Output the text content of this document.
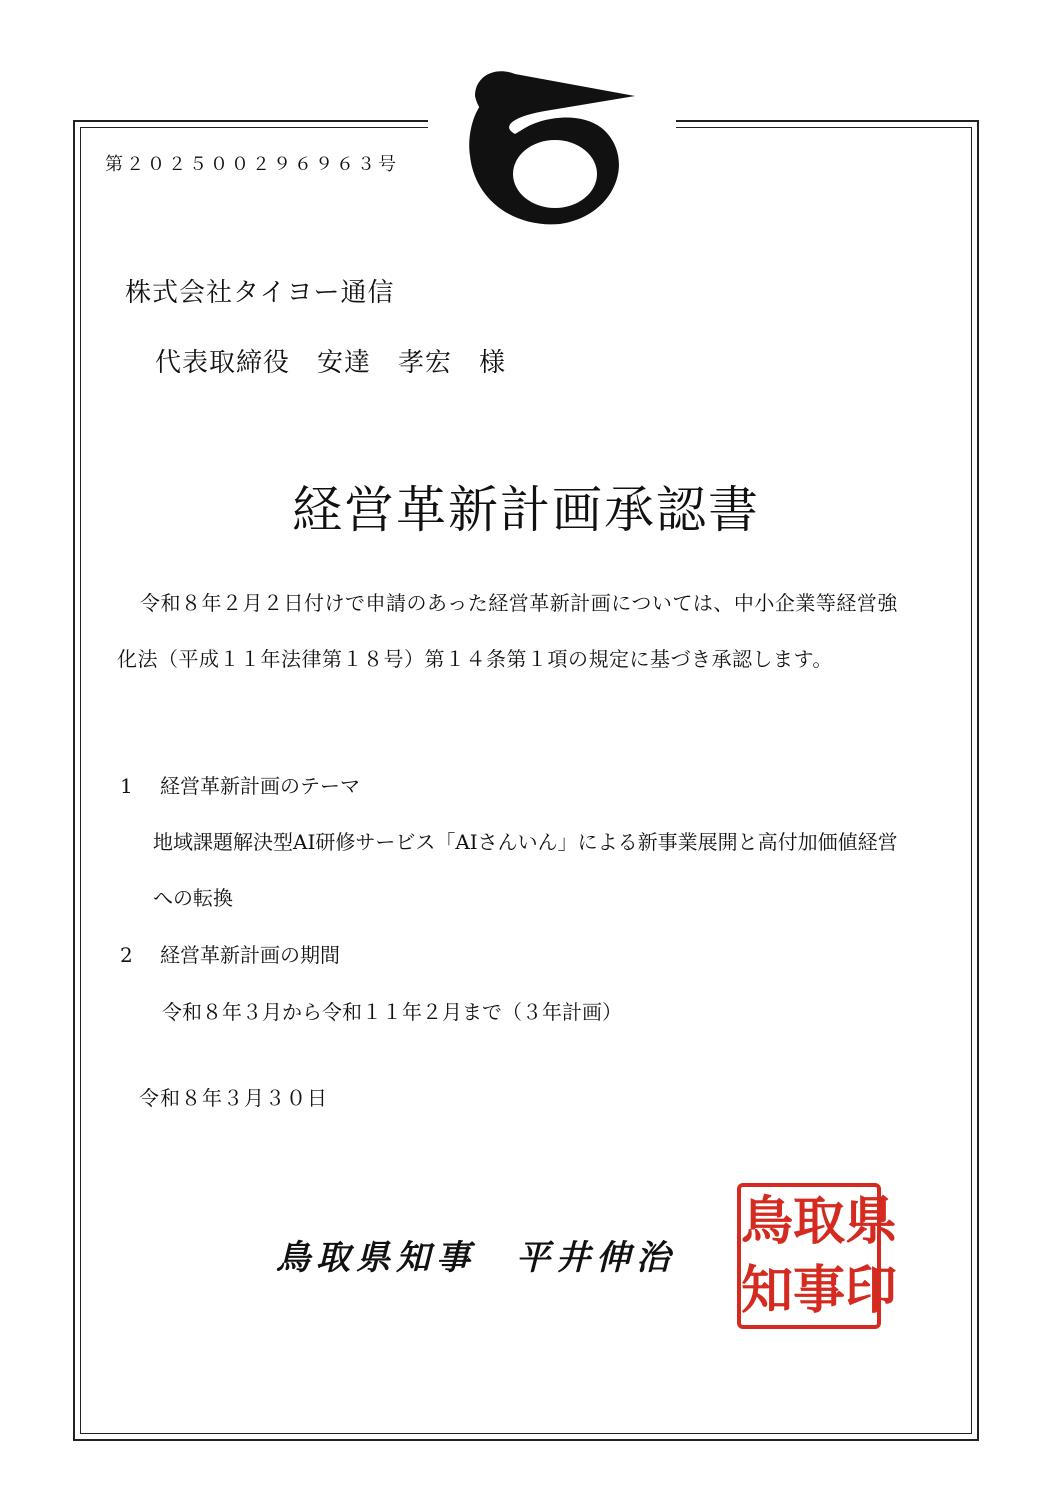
第２０２５００２９６９６３号
株式会社タイヨー通信
代表取締役　安達　孝宏　様
経営革新計画承認書
令和８年２月２日付けで申請のあった経営革新計画については、中小企業等経営強
化法（平成１１年法律第１８号）第１４条第１項の規定に基づき承認します。
1 経営革新計画のテーマ
地域課題解決型AI研修サービス「AIさんいん」による新事業展開と高付加価値経営
への転換
2 経営革新計画の期間
令和８年３月から令和１１年２月まで（３年計画）
令和８年３月３０日
鳥取県知事　平井伸治
鳥 取 県
知 事 印
